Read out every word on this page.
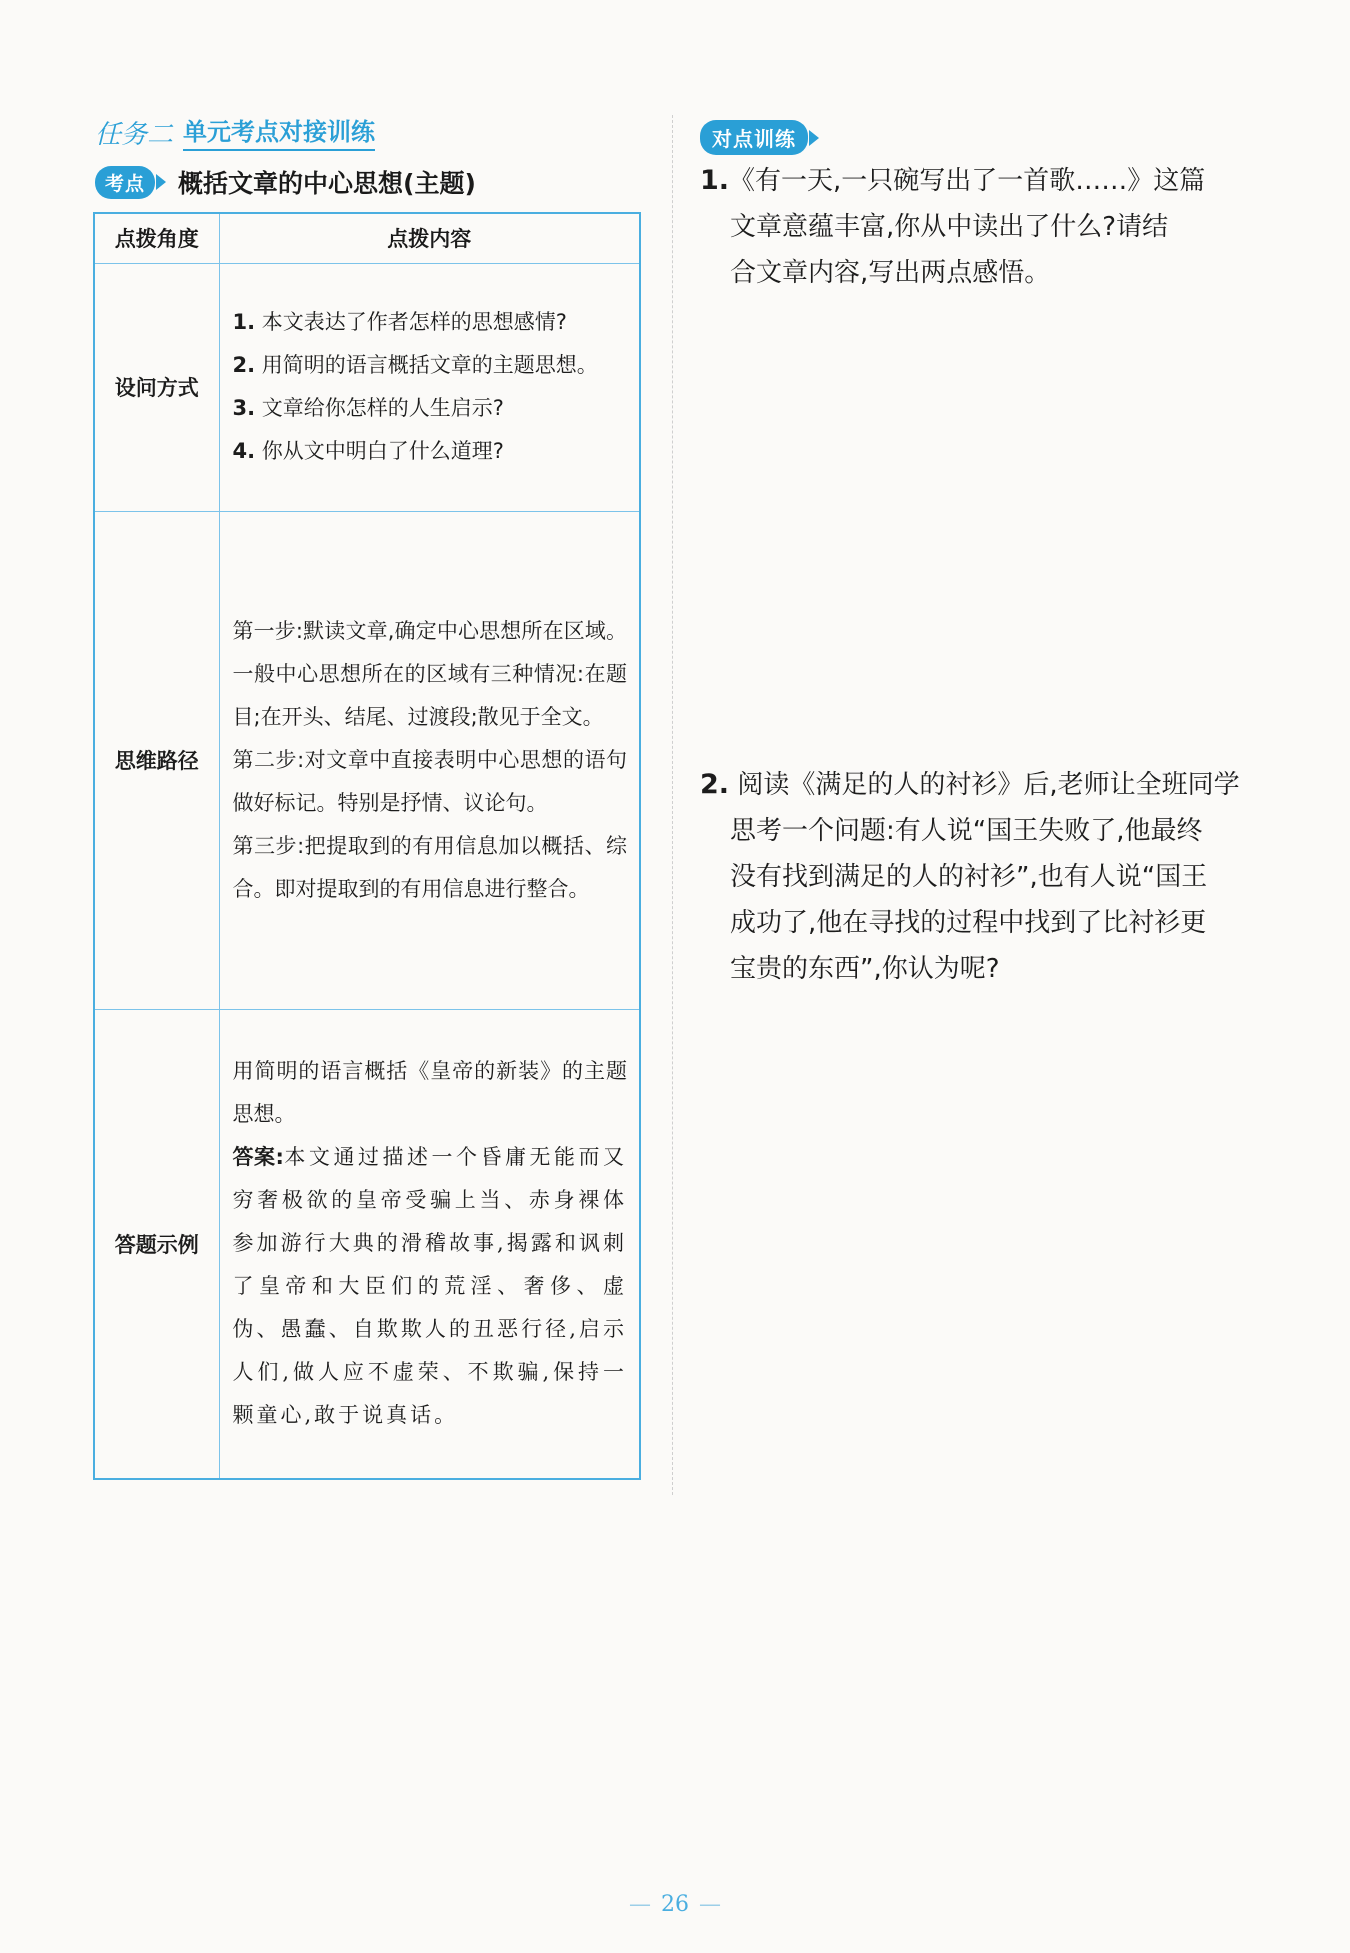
任务二 单元考点对接训练
考点	概括文章的中心思想(主题)
点拨角度	点拨内容
设问方式	1. 本文表达了作者怎样的思想感情?
2. 用简明的语言概括文章的主题思想。
3. 文章给你怎样的人生启示?
4. 你从文中明白了什么道理?

思维路径	第一步:默读文章,确定中心思想所在区域。一般中心思想所在的区域有三种情况:在题目;在开头、结尾、过渡段;散见于全文。
第二步:对文章中直接表明中心思想的语句做好标记。特别是抒情、议论句。
第三步:把提取到的有用信息加以概括、综合。即对提取到的有用信息进行整合。

答题示例	用简明的语言概括《皇帝的新装》的主题思想。
答案:本文通过描述一个昏庸无能而又穷奢极欲的皇帝受骗上当、赤身裸体参加游行大典的滑稽故事,揭露和讽刺了皇帝和大臣们的荒淫、奢侈、虚伪、愚蠢、自欺欺人的丑恶行径,启示人们,做人应不虚荣、不欺骗,保持一颗童心,敢于说真话。
对点训练
1.《有一天,一只碗写出了一首歌……》这篇
文章意蕴丰富,你从中读出了什么?请结
合文章内容,写出两点感悟。
2. 阅读《满足的人的衬衫》后,老师让全班同学
思考一个问题:有人说“国王失败了,他最终
没有找到满足的人的衬衫”,也有人说“国王
成功了,他在寻找的过程中找到了比衬衫更
宝贵的东西”,你认为呢?
— 26 —
